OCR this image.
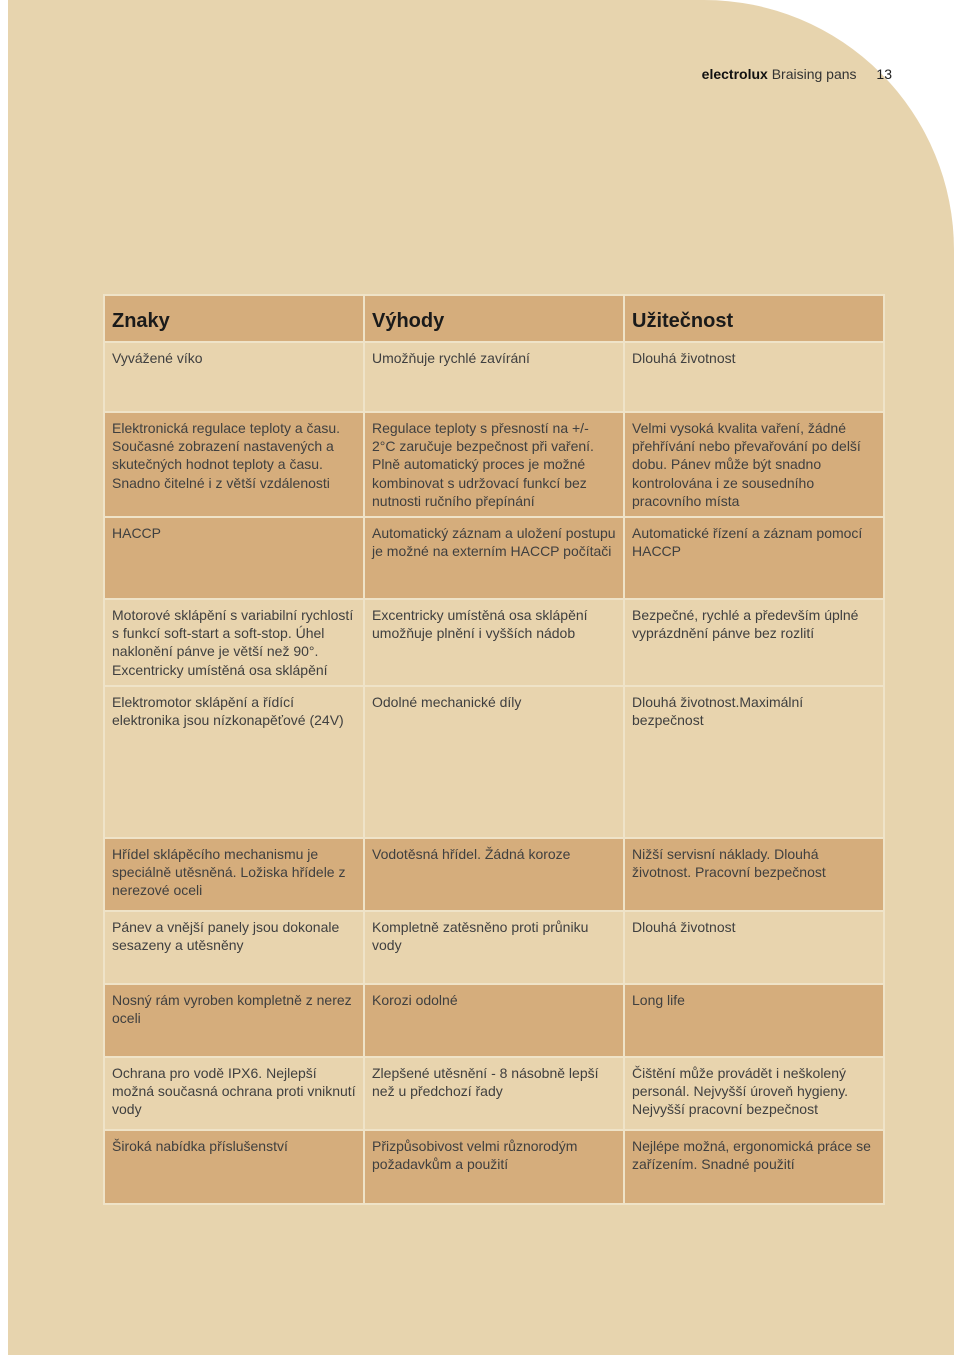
electrolux Braising pans 13
Znaky	Výhody	Užitečnost
Vyvážené víko	Umožňuje rychlé zavírání	Dlouhá životnost
Elektronická regulace teploty a času. Současné zobrazení nastavených a skutečných hodnot teploty a času. Snadno čitelné i z větší vzdálenosti	Regulace teploty s přesností na +/- 2°C zaručuje bezpečnost při vaření. Plně automatický proces je možné kombinovat s udržovací funkcí bez nutnosti ručního přepínání	Velmi vysoká kvalita vaření, žádné přehřívání nebo převařování po delší dobu. Pánev může být snadno kontrolována i ze sousedního pracovního místa
HACCP	Automatický záznam a uložení postupu je možné na externím HACCP počítači	Automatické řízení a záznam pomocí HACCP
Motorové sklápění s variabilní rychlostí s funkcí soft-start a soft-stop. Úhel naklonění pánve je větší než 90°. Excentricky umístěná osa sklápění	Excentricky umístěná osa sklápění umožňuje plnění i vyšších nádob	Bezpečné, rychlé a především úplné vyprázdnění pánve bez rozlití
Elektromotor sklápění a řídící elektronika jsou nízkonapěťové (24V)	Odolné mechanické díly	Dlouhá životnost.Maximální bezpečnost
Hřídel sklápěcího mechanismu je speciálně utěsněná. Ložiska hřídele z nerezové oceli	Vodotěsná hřídel. Žádná koroze	Nižší servisní náklady. Dlouhá životnost. Pracovní bezpečnost
Pánev a vnější panely jsou dokonale sesazeny a utěsněny	Kompletně zatěsněno proti průniku vody	Dlouhá životnost
Nosný rám vyroben kompletně z nerez oceli	Korozi odolné	Long life
Ochrana pro vodě IPX6. Nejlepší možná současná ochrana proti vniknutí vody	Zlepšené utěsnění - 8 násobně lepší než u předchozí řady	Čištění může provádět i neškolený personál. Nejvyšší úroveň hygieny. Nejvyšší pracovní bezpečnost
Široká nabídka příslušenství	Přizpůsobivost velmi různorodým požadavkům a použití	Nejlépe možná, ergonomická práce se zařízením. Snadné použití
